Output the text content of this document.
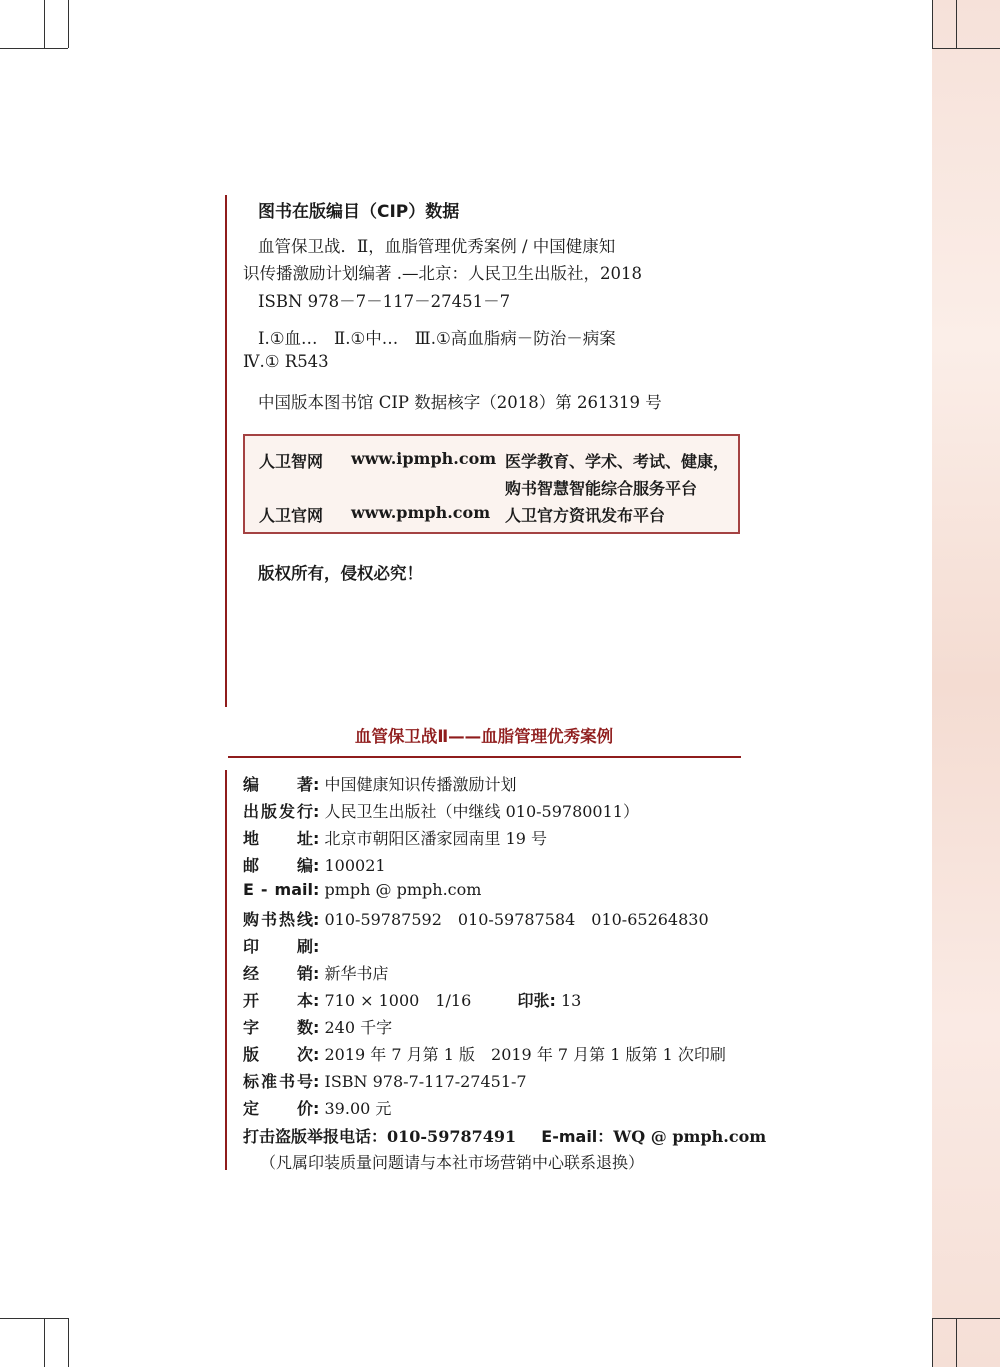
图书在版编目（CIP）数据
血管保卫战．Ⅱ，血脂管理优秀案例 / 中国健康知
识传播激励计划编著 .—北京：人民卫生出版社，2018
ISBN 978－7－117－27451－7
Ⅰ.①血…　Ⅱ.①中…　Ⅲ.①高血脂病－防治－病案
Ⅳ.① R543
中国版本图书馆 CIP 数据核字（2018）第 261319 号
人卫智网 www.ipmph.com 医学教育、学术、考试、健康，
购书智慧智能综合服务平台
人卫官网 www.pmph.com 人卫官方资讯发布平台
版权所有，侵权必究！
血管保卫战Ⅱ——血脂管理优秀案例
编　著: 中国健康知识传播激励计划
出版发行: 人民卫生出版社（中继线 010-59780011）
地　址: 北京市朝阳区潘家园南里 19 号
邮　编: 100021
E - mail: pmph @ pmph.com
购书热线: 010-59787592　010-59787584　010-65264830
印　刷:
经　销: 新华书店
开　本: 710 × 1000　1/16	印张: 13
字　数: 240 千字
版　次: 2019 年 7 月第 1 版　2019 年 7 月第 1 版第 1 次印刷
标准书号: ISBN 978-7-117-27451-7
定　价: 39.00 元
打击盗版举报电话：010-59787491 E-mail：WQ @ pmph.com
（凡属印装质量问题请与本社市场营销中心联系退换）
